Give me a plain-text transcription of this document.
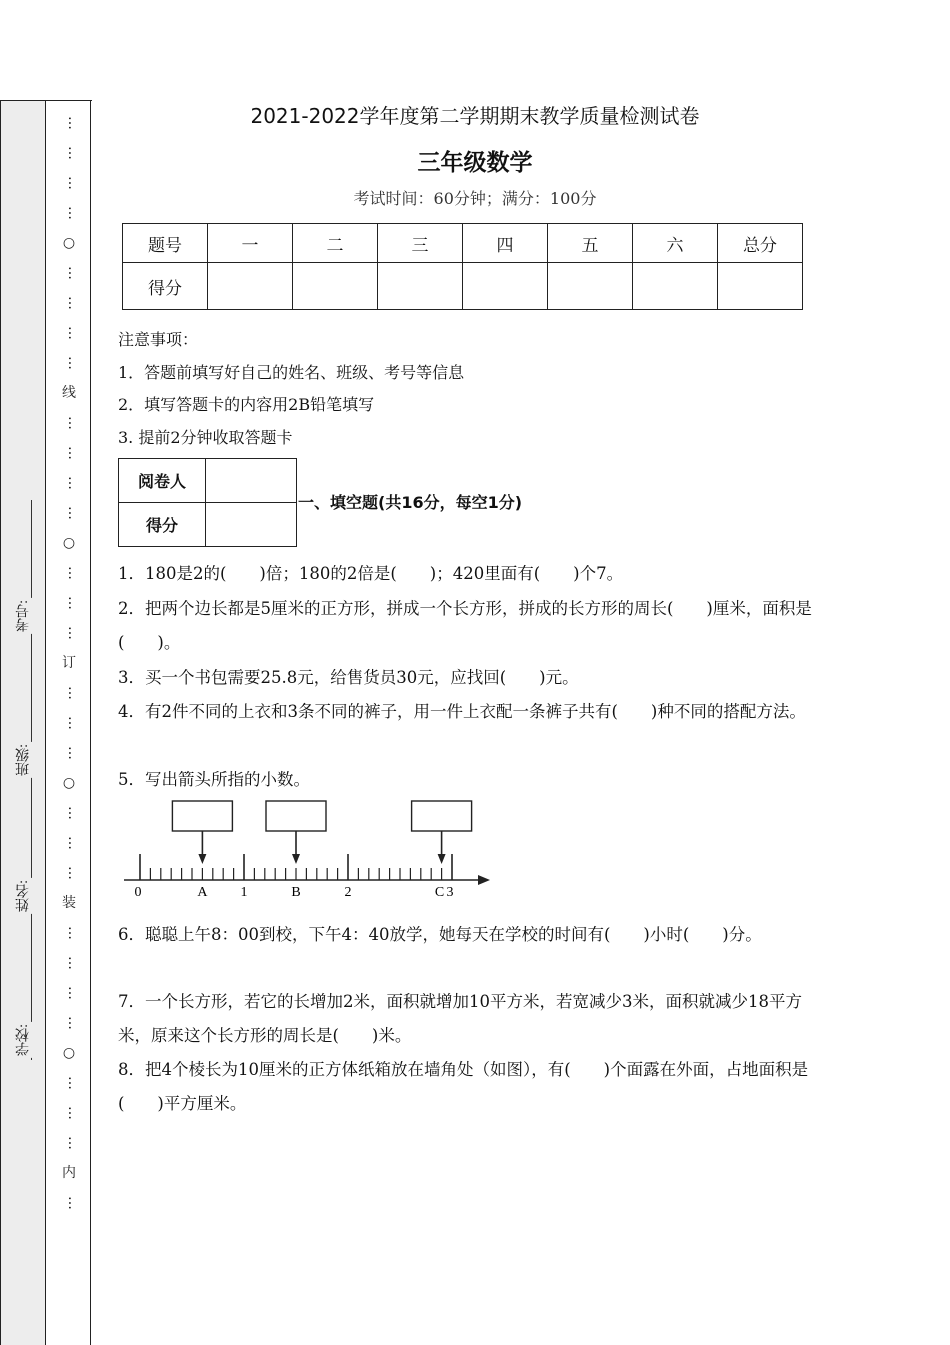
学校:
姓名:
班级:
考号:
…
…
…
…
○
…
…
…
…
线
…
…
…
…
○
…
…
…
订
…
…
…
○
…
…
…
装
…
…
…
…
○
…
…
…
内
…
2021-2022学年度第二学期期末教学质量检测试卷
三年级数学
考试时间：60分钟；满分：100分
题号	一	二	三	四	五	六	总分
得分							
注意事项：
1．答题前填写好自己的姓名、班级、考号等信息
2．填写答题卡的内容用2B铅笔填写
3. 提前2分钟收取答题卡
阅卷人	
得分	
一、填空题(共16分，每空1分)
1．180是2的(　　)倍；180的2倍是(　　)；420里面有(　　)个7。
2．把两个边长都是5厘米的正方形，拼成一个长方形，拼成的长方形的周长(　　)厘米，面积是(　　)。
3．买一个书包需要25.8元，给售货员30元，应找回(　　)元。
4．有2件不同的上衣和3条不同的裤子，用一件上衣配一条裤子共有(　　)种不同的搭配方法。
5．写出箭头所指的小数。
0	A 1	B	2	C 3
6．聪聪上午8：00到校，下午4：40放学，她每天在学校的时间有(　　)小时(　　)分。
7．一个长方形，若它的长增加2米，面积就增加10平方米，若宽减少3米，面积就减少18平方米，原来这个长方形的周长是(　　)米。
8．把4个棱长为10厘米的正方体纸箱放在墙角处（如图），有(　　)个面露在外面，占地面积是(　　)平方厘米。
